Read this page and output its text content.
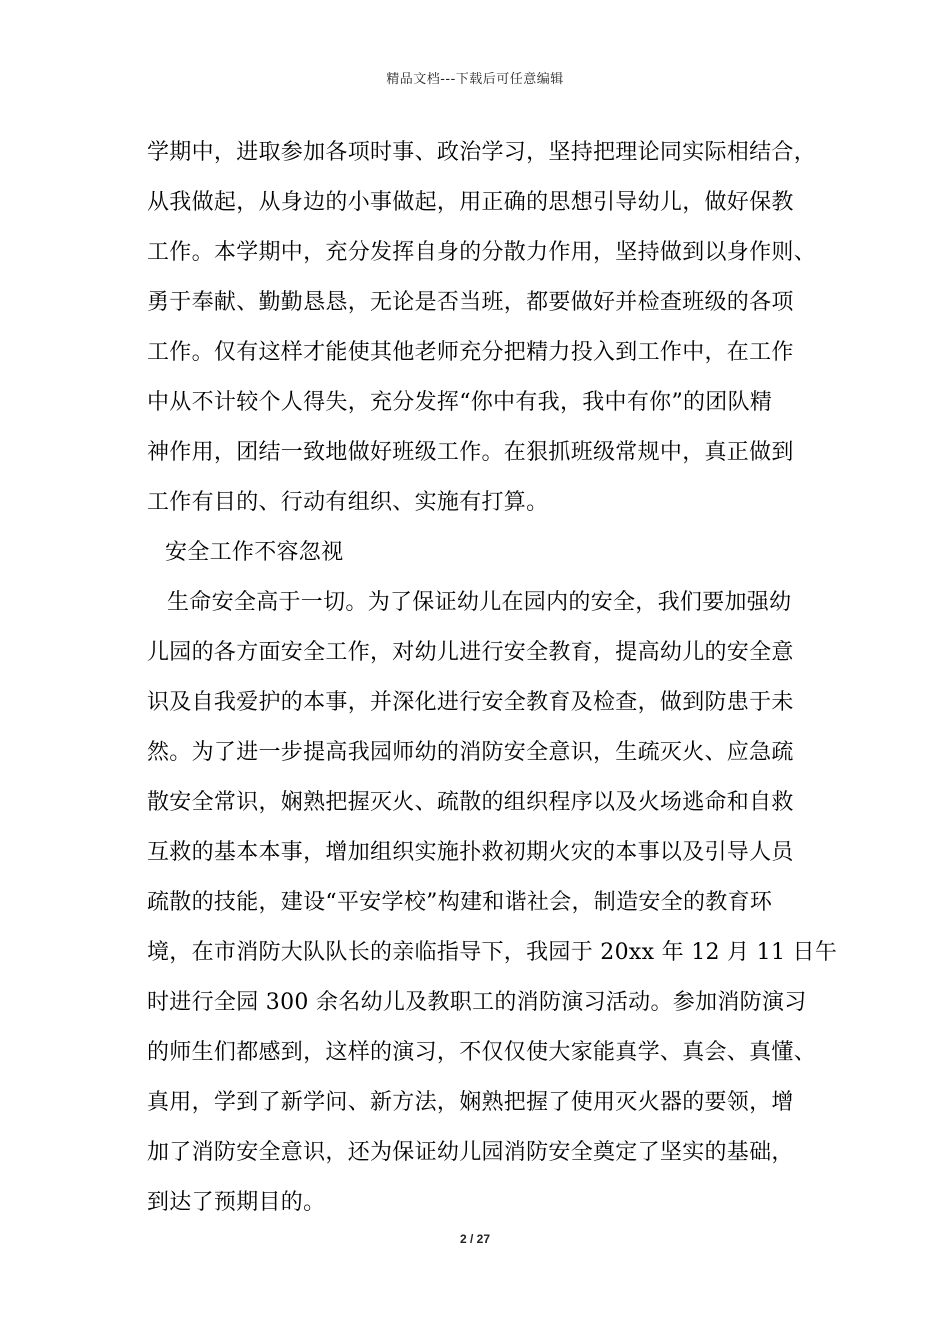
精品文档---下载后可任意编辑
学期中，进取参加各项时事、政治学习，坚持把理论同实际相结合，
从我做起，从身边的小事做起，用正确的思想引导幼儿，做好保教
工作。本学期中，充分发挥自身的分散力作用，坚持做到以身作则、
勇于奉献、勤勤恳恳，无论是否当班，都要做好并检查班级的各项
工作。仅有这样才能使其他老师充分把精力投入到工作中，在工作
中从不计较个人得失，充分发挥“你中有我，我中有你”的团队精
神作用，团结一致地做好班级工作。在狠抓班级常规中，真正做到
工作有目的、行动有组织、实施有打算。
安全工作不容忽视
生命安全高于一切。为了保证幼儿在园内的安全，我们要加强幼
儿园的各方面安全工作，对幼儿进行安全教育，提高幼儿的安全意
识及自我爱护的本事，并深化进行安全教育及检查，做到防患于未
然。为了进一步提高我园师幼的消防安全意识，生疏灭火、应急疏
散安全常识，娴熟把握灭火、疏散的组织程序以及火场逃命和自救
互救的基本本事，增加组织实施扑救初期火灾的本事以及引导人员
疏散的技能，建设“平安学校”构建和谐社会，制造安全的教育环
境，在市消防大队队长的亲临指导下，我园于 20xx 年 12 月 11 日午
时进行全园 300 余名幼儿及教职工的消防演习活动。参加消防演习
的师生们都感到，这样的演习，不仅仅使大家能真学、真会、真懂、
真用，学到了新学问、新方法，娴熟把握了使用灭火器的要领，增
加了消防安全意识，还为保证幼儿园消防安全奠定了坚实的基础，
到达了预期目的。
2 / 27
